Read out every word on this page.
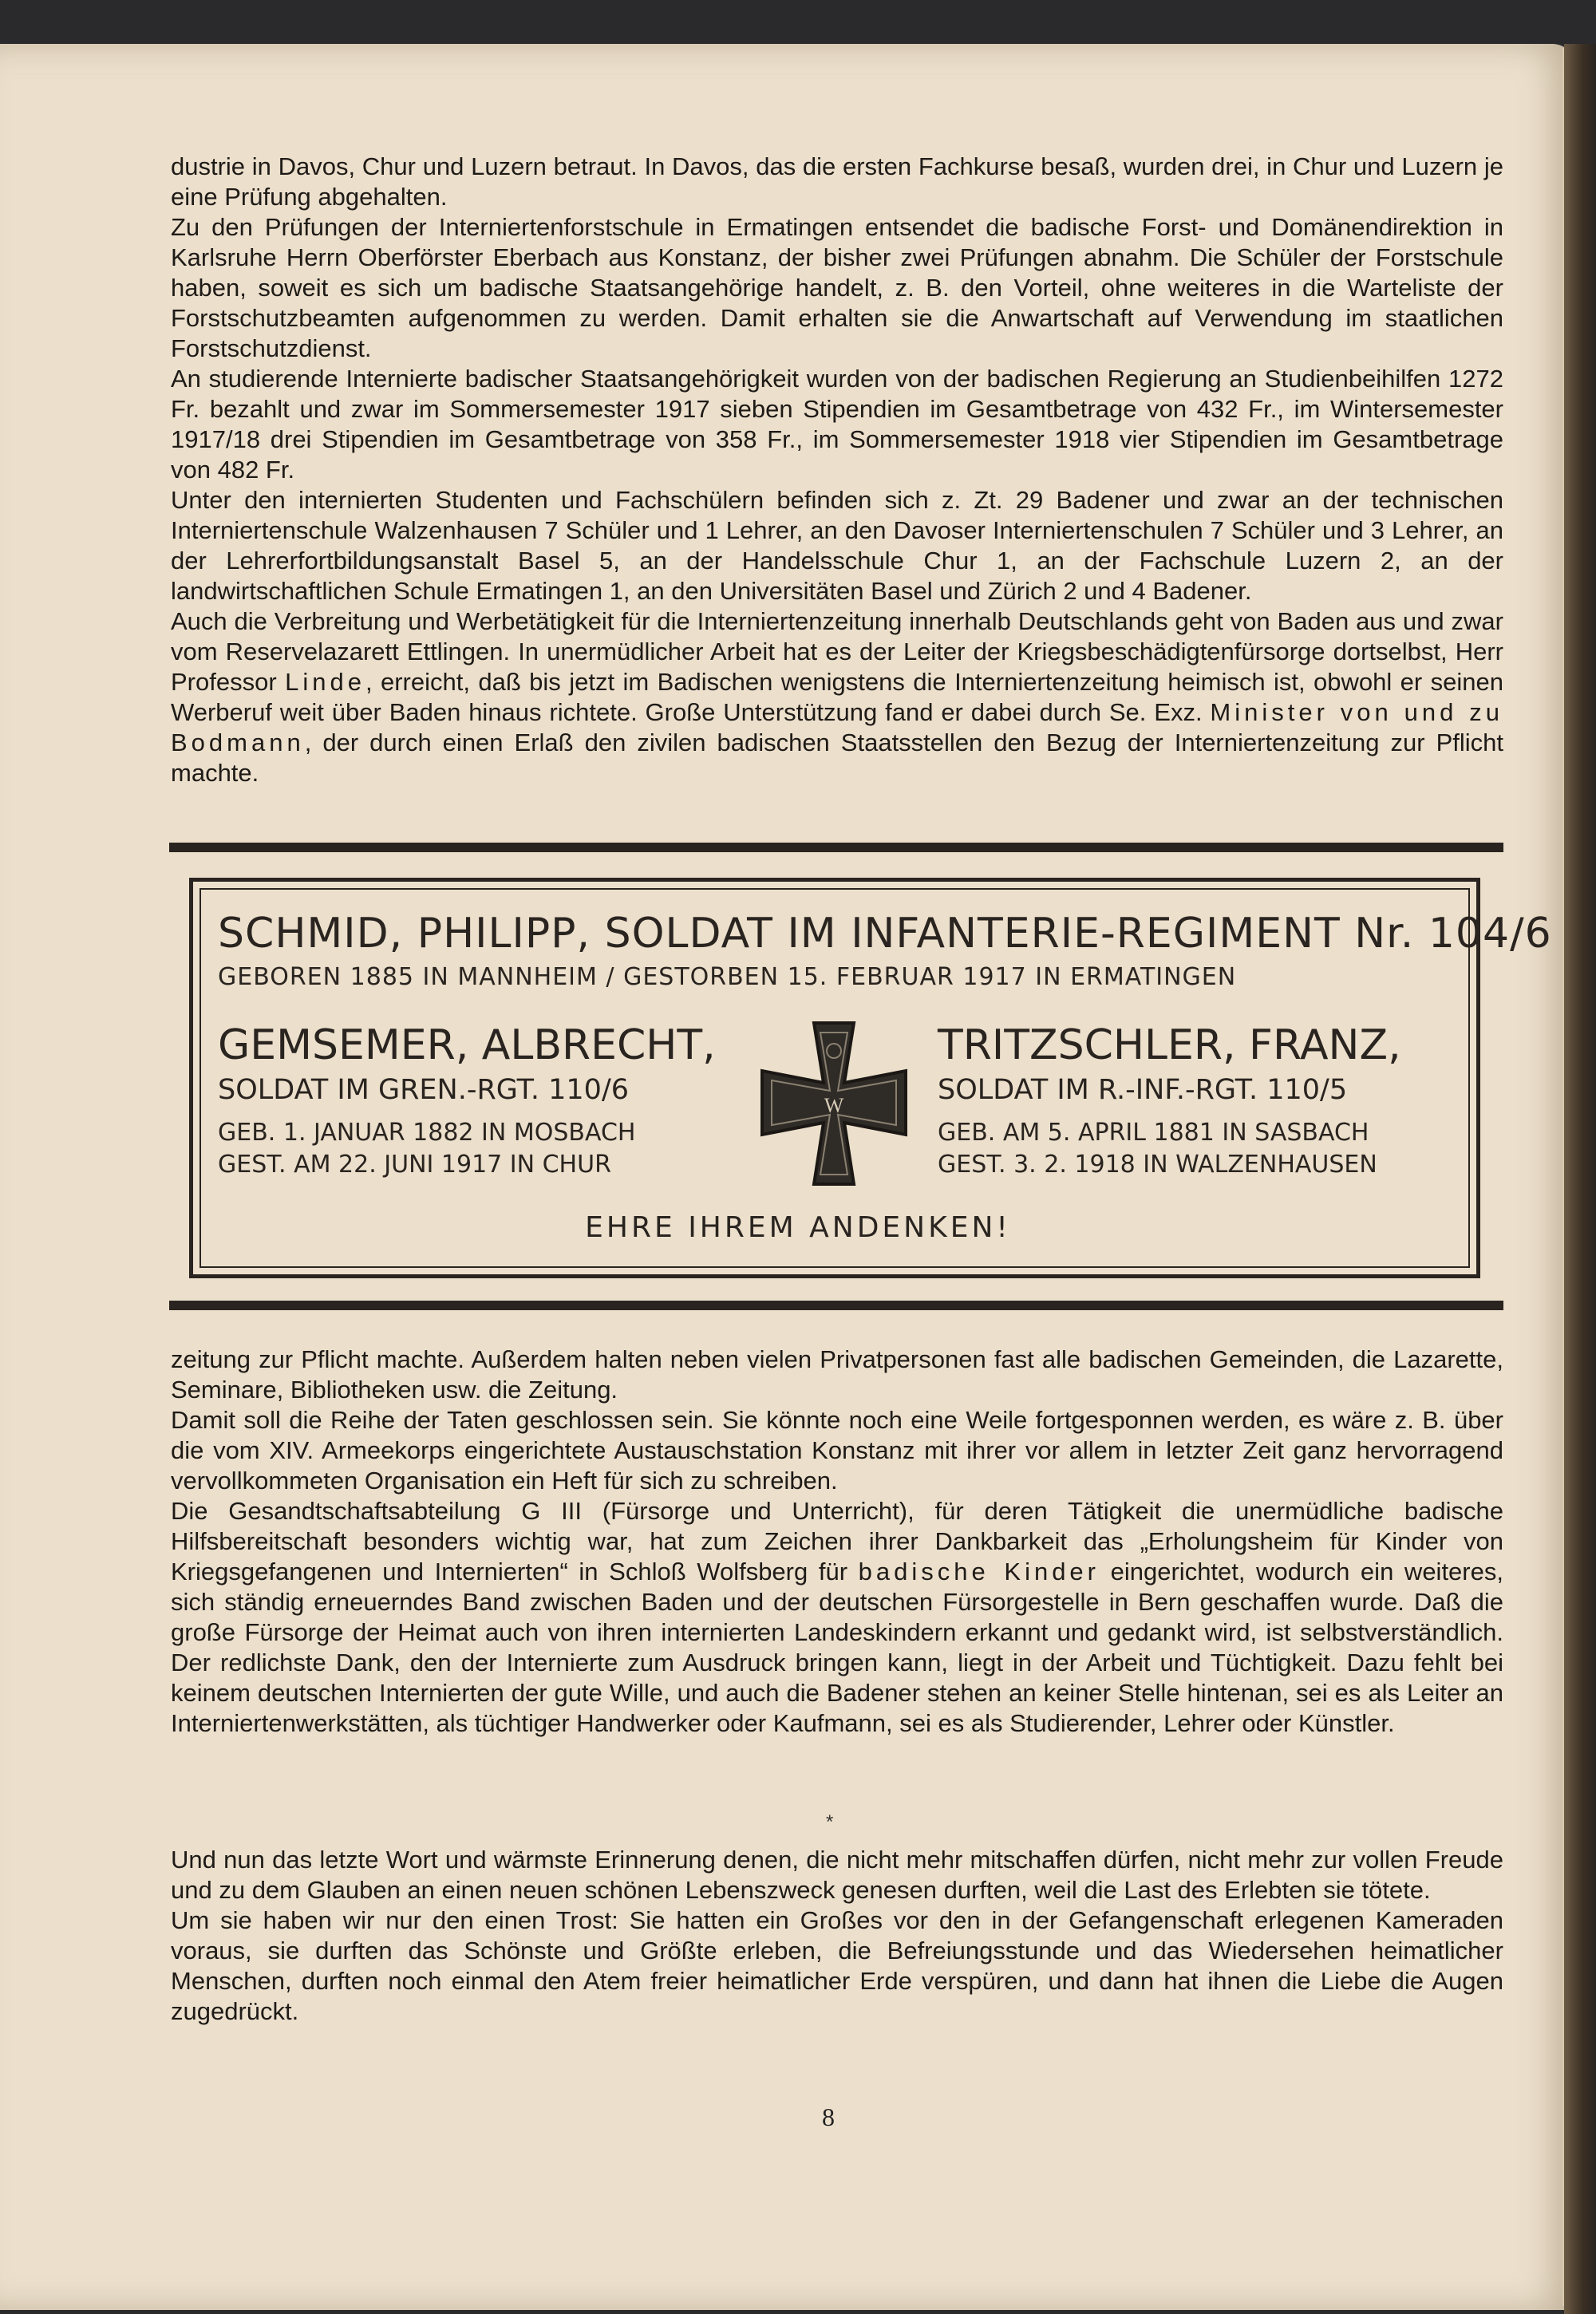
dustrie in Davos, Chur und Luzern betraut. In Davos, das die ersten Fachkurse besaß, wurden drei, in Chur und Luzern je eine Prüfung abgehalten.

Zu den Prüfungen der Interniertenforstschule in Ermatingen entsendet die badische Forst- und Domänendirektion in Karlsruhe Herrn Oberförster Eberbach aus Konstanz, der bisher zwei Prüfungen abnahm. Die Schüler der Forstschule haben, soweit es sich um badische Staatsangehörige handelt, z. B. den Vorteil, ohne weiteres in die Warteliste der Forstschutzbeamten aufgenommen zu werden. Damit erhalten sie die Anwartschaft auf Verwendung im staatlichen Forstschutzdienst.

An studierende Internierte badischer Staatsangehörigkeit wurden von der badischen Regierung an Studienbeihilfen 1272 Fr. bezahlt und zwar im Sommersemester 1917 sieben Stipendien im Gesamtbetrage von 432 Fr., im Wintersemester 1917/18 drei Stipendien im Gesamtbetrage von 358 Fr., im Sommersemester 1918 vier Stipendien im Gesamtbetrage von 482 Fr.

Unter den internierten Studenten und Fachschülern befinden sich z. Zt. 29 Badener und zwar an der technischen Interniertenschule Walzenhausen 7 Schüler und 1 Lehrer, an den Davoser Interniertenschulen 7 Schüler und 3 Lehrer, an der Lehrerfortbildungsanstalt Basel 5, an der Handelsschule Chur 1, an der Fachschule Luzern 2, an der landwirtschaftlichen Schule Ermatingen 1, an den Universitäten Basel und Zürich 2 und 4 Badener.

Auch die Verbreitung und Werbetätigkeit für die Interniertenzeitung innerhalb Deutschlands geht von Baden aus und zwar vom Reservelazarett Ettlingen. In unermüdlicher Arbeit hat es der Leiter der Kriegsbeschädigtenfürsorge dortselbst, Herr Professor Linde, erreicht, daß bis jetzt im Badischen wenigstens die Interniertenzeitung heimisch ist, obwohl er seinen Werberuf weit über Baden hinaus richtete. Große Unterstützung fand er dabei durch Se. Exz. Minister von und zu Bodmann, der durch einen Erlaß den zivilen badischen Staatsstellen den Bezug der Interniertenzeitung zur Pflicht machte.

SCHMID, PHILIPP, SOLDAT IM INFANTERIE-REGIMENT Nr. 104/6
GEBOREN 1885 IN MANNHEIM / GESTORBEN 15. FEBRUAR 1917 IN ERMATINGEN
GEMSEMER, ALBRECHT,
SOLDAT IM GREN.-RGT. 110/6
GEB. 1. JANUAR 1882 IN MOSBACH
GEST. AM 22. JUNI 1917 IN CHUR
TRITZSCHLER, FRANZ,
SOLDAT IM R.-INF.-RGT. 110/5
GEB. AM 5. APRIL 1881 IN SASBACH
GEST. 3. 2. 1918 IN WALZENHAUSEN
W
EHRE IHREM ANDENKEN!

zeitung zur Pflicht machte. Außerdem halten neben vielen Privatpersonen fast alle badischen Gemeinden, die Lazarette, Seminare, Bibliotheken usw. die Zeitung.

Damit soll die Reihe der Taten geschlossen sein. Sie könnte noch eine Weile fortgesponnen werden, es wäre z. B. über die vom XIV. Armeekorps eingerichtete Austauschstation Konstanz mit ihrer vor allem in letzter Zeit ganz hervorragend vervollkommeten Organisation ein Heft für sich zu schreiben.

Die Gesandtschaftsabteilung G III (Fürsorge und Unterricht), für deren Tätigkeit die unermüdliche badische Hilfsbereitschaft besonders wichtig war, hat zum Zeichen ihrer Dankbarkeit das „Erholungsheim für Kinder von Kriegsgefangenen und Internierten“ in Schloß Wolfsberg für badische Kinder eingerichtet, wodurch ein weiteres, sich ständig erneuerndes Band zwischen Baden und der deutschen Fürsorgestelle in Bern geschaffen wurde. Daß die große Fürsorge der Heimat auch von ihren internierten Landeskindern erkannt und gedankt wird, ist selbstverständlich. Der redlichste Dank, den der Internierte zum Ausdruck bringen kann, liegt in der Arbeit und Tüchtigkeit. Dazu fehlt bei keinem deutschen Internierten der gute Wille, und auch die Badener stehen an keiner Stelle hintenan, sei es als Leiter an Interniertenwerkstätten, als tüchtiger Handwerker oder Kaufmann, sei es als Studierender, Lehrer oder Künstler.

*

Und nun das letzte Wort und wärmste Erinnerung denen, die nicht mehr mitschaffen dürfen, nicht mehr zur vollen Freude und zu dem Glauben an einen neuen schönen Lebenszweck genesen durften, weil die Last des Erlebten sie tötete.

Um sie haben wir nur den einen Trost: Sie hatten ein Großes vor den in der Gefangenschaft erlegenen Kameraden voraus, sie durften das Schönste und Größte erleben, die Befreiungsstunde und das Wiedersehen heimatlicher Menschen, durften noch einmal den Atem freier heimatlicher Erde verspüren, und dann hat ihnen die Liebe die Augen zugedrückt.

8
